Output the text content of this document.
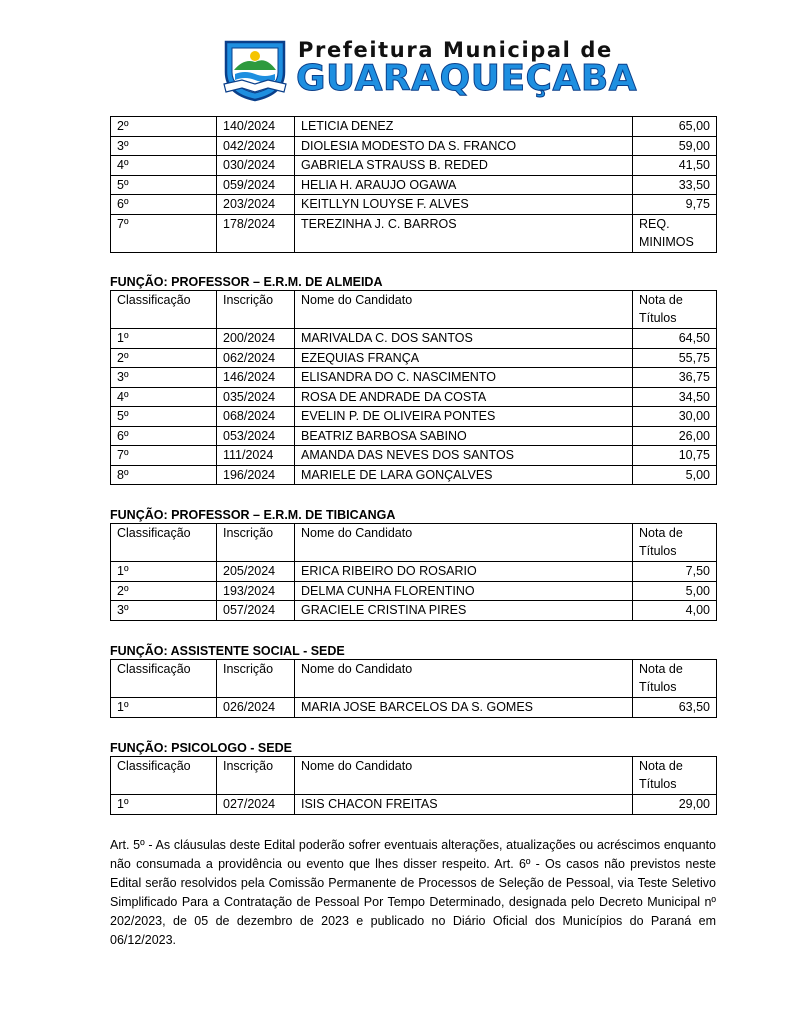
Prefeitura Municipal de
GUARAQUEÇABA
2º	140/2024	LETICIA DENEZ	65,00
3º	042/2024	DIOLESIA MODESTO DA S. FRANCO	59,00
4º	030/2024	GABRIELA STRAUSS B. REDED	41,50
5º	059/2024	HELIA H. ARAUJO OGAWA	33,50
6º	203/2024	KEITLLYN LOUYSE F. ALVES	9,75
7º	178/2024	TEREZINHA J. C. BARROS	REQ. MINIMOS
FUNÇÃO: PROFESSOR – E.R.M. DE ALMEIDA
Classificação	Inscrição	Nome do Candidato	Nota de Títulos
1º	200/2024	MARIVALDA C. DOS SANTOS	64,50
2º	062/2024	EZEQUIAS FRANÇA	55,75
3º	146/2024	ELISANDRA DO C. NASCIMENTO	36,75
4º	035/2024	ROSA DE ANDRADE DA COSTA	34,50
5º	068/2024	EVELIN P. DE OLIVEIRA PONTES	30,00
6º	053/2024	BEATRIZ BARBOSA SABINO	26,00
7º	111/2024	AMANDA DAS NEVES DOS SANTOS	10,75
8º	196/2024	MARIELE DE LARA GONÇALVES	5,00
FUNÇÃO: PROFESSOR – E.R.M. DE TIBICANGA
Classificação	Inscrição	Nome do Candidato	Nota de Títulos
1º	205/2024	ERICA RIBEIRO DO ROSARIO	7,50
2º	193/2024	DELMA CUNHA FLORENTINO	5,00
3º	057/2024	GRACIELE CRISTINA PIRES	4,00
FUNÇÃO: ASSISTENTE SOCIAL - SEDE
Classificação	Inscrição	Nome do Candidato	Nota de Títulos
1º	026/2024	MARIA JOSE BARCELOS DA S. GOMES	63,50
FUNÇÃO: PSICOLOGO - SEDE
Classificação	Inscrição	Nome do Candidato	Nota de Títulos
1º	027/2024	ISIS CHACON FREITAS	29,00
Art. 5º - As cláusulas deste Edital poderão sofrer eventuais alterações, atualizações ou acréscimos enquanto não consumada a providência ou evento que lhes disser respeito. Art. 6º - Os casos não previstos neste Edital serão resolvidos pela Comissão Permanente de Processos de Seleção de Pessoal, via Teste Seletivo Simplificado Para a Contratação de Pessoal Por Tempo Determinado, designada pelo Decreto Municipal nº 202/2023, de 05 de dezembro de 2023 e publicado no Diário Oficial dos Municípios do Paraná em 06/12/2023.
